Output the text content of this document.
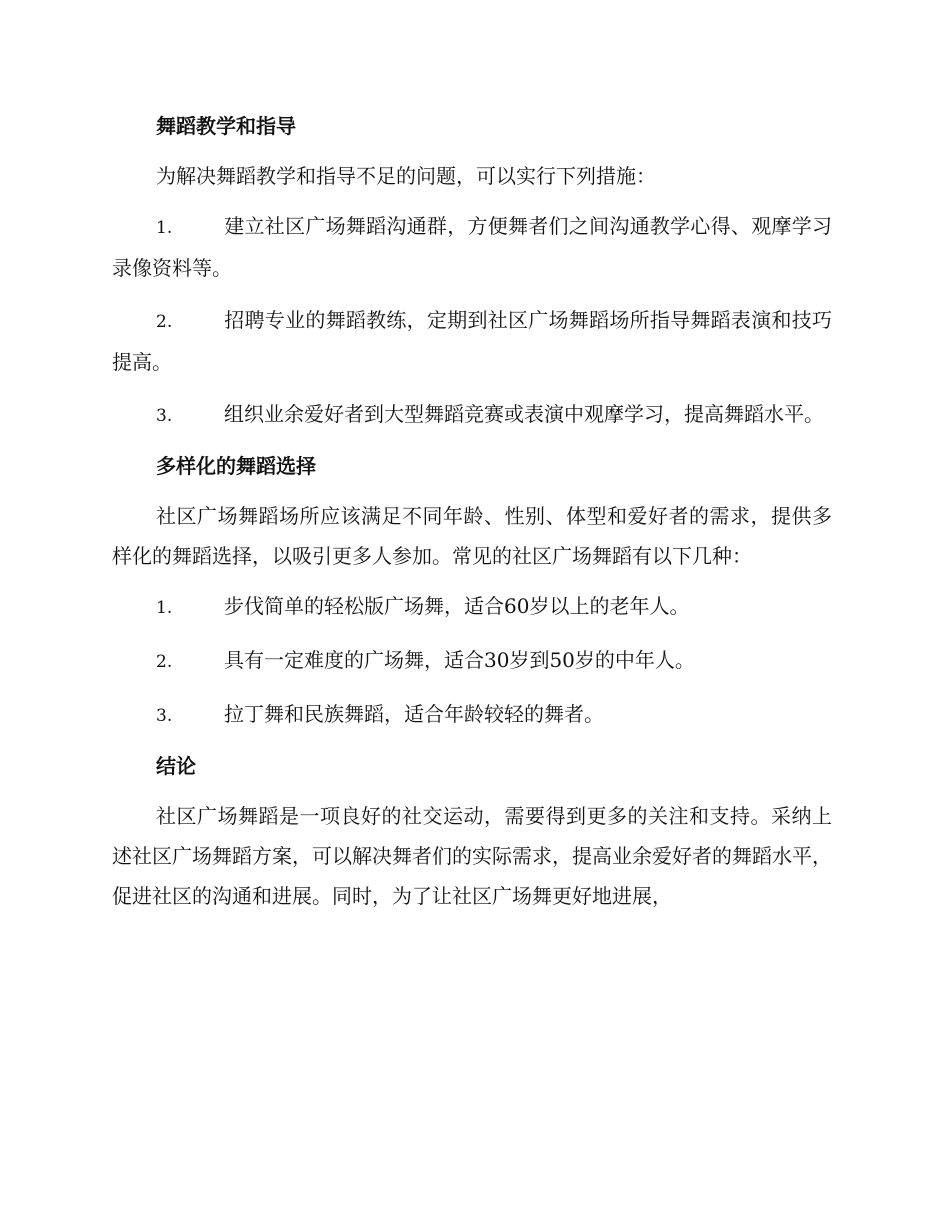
舞蹈教学和指导

为解决舞蹈教学和指导不足的问题，可以实行下列措施：

1.	建立社区广场舞蹈沟通群，方便舞者们之间沟通教学心得、观摩学习录像资料等。

2.	招聘专业的舞蹈教练，定期到社区广场舞蹈场所指导舞蹈表演和技巧提高。

3.	组织业余爱好者到大型舞蹈竞赛或表演中观摩学习，提高舞蹈水平。

多样化的舞蹈选择

社区广场舞蹈场所应该满足不同年龄、性别、体型和爱好者的需求，提供多样化的舞蹈选择，以吸引更多人参加。常见的社区广场舞蹈有以下几种：

1.	步伐简单的轻松版广场舞，适合60岁以上的老年人。

2.	具有一定难度的广场舞，适合30岁到50岁的中年人。

3.	拉丁舞和民族舞蹈，适合年龄较轻的舞者。

结论

社区广场舞蹈是一项良好的社交运动，需要得到更多的关注和支持。采纳上述社区广场舞蹈方案，可以解决舞者们的实际需求，提高业余爱好者的舞蹈水平，促进社区的沟通和进展。同时，为了让社区广场舞更好地进展，
